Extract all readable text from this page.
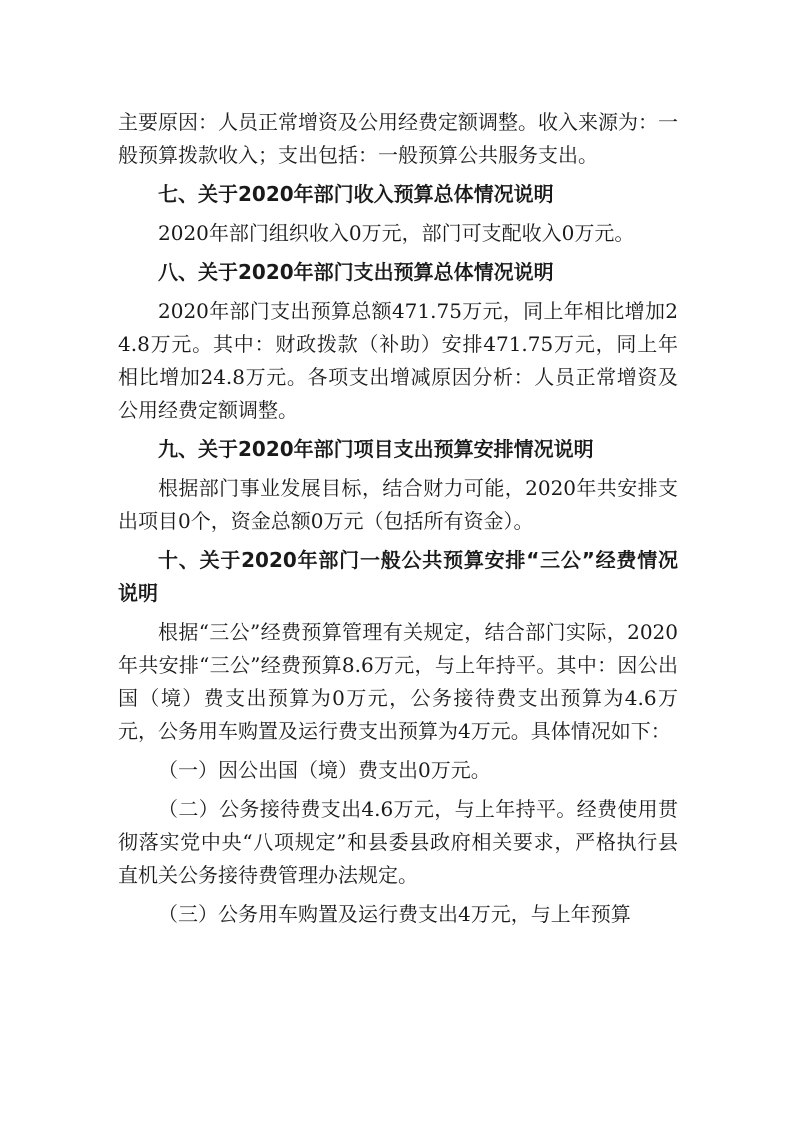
主要原因：人员正常增资及公用经费定额调整。收入来源为：一般预算拨款收入；支出包括：一般预算公共服务支出。

七、关于2020年部门收入预算总体情况说明

2020年部门组织收入0万元，部门可支配收入0万元。

八、关于2020年部门支出预算总体情况说明

2020年部门支出预算总额471.75万元，同上年相比增加24.8万元。其中：财政拨款（补助）安排471.75万元，同上年相比增加24.8万元。各项支出增减原因分析：人员正常增资及公用经费定额调整。

九、关于2020年部门项目支出预算安排情况说明

根据部门事业发展目标，结合财力可能，2020年共安排支出项目0个，资金总额0万元（包括所有资金）。

十、关于2020年部门一般公共预算安排“三公”经费情况说明

根据“三公”经费预算管理有关规定，结合部门实际，2020年共安排“三公”经费预算8.6万元，与上年持平。其中：因公出国（境）费支出预算为0万元，公务接待费支出预算为4.6万元，公务用车购置及运行费支出预算为4万元。具体情况如下：

（一）因公出国（境）费支出0万元。

（二）公务接待费支出4.6万元，与上年持平。经费使用贯彻落实党中央“八项规定”和县委县政府相关要求，严格执行县直机关公务接待费管理办法规定。

（三）公务用车购置及运行费支出4万元，与上年预算
